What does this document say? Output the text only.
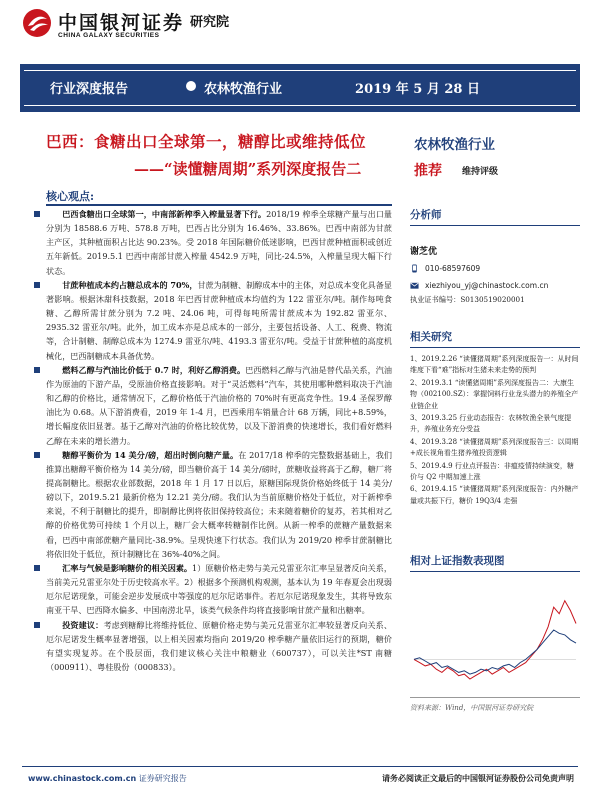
中国银河证券
CHINA GALAXY SECURITIES
研究院
行业深度报告	农林牧渔行业	2019 年 5 月 28 日
巴西：食糖出口全球第一，糖醇比或维持低位
——“读懂糖周期”系列深度报告二
农林牧渔行业
推荐 维持评级
核心观点:
巴西食糖出口全球第一，中南部新榨季入榨量显著下行。2018/19 榨季全球糖产量与出口量分别为 18588.6 万吨、578.8 万吨，巴西占比分别为 16.46%、33.86%。巴西中南部为甘蔗主产区，其种植面积占比达 90.23%。受 2018 年国际糖价低迷影响，巴西甘蔗种植面积或创近五年新低。2019.5.1 巴西中南部甘蔗入榨量 4542.9 万吨，同比-24.5%，入榨量呈现大幅下行状态。
甘蔗种植成本约占糖总成本的 70%，甘蔗为制糖、制醇成本中的主体，对总成本变化具备显著影响。根据沐甜科技数据，2018 年巴西甘蔗种植成本均值约为 122 雷亚尔/吨。制作每吨食糖、乙醇所需甘蔗分别为 7.2 吨、24.06 吨，可得每吨所需甘蔗成本为 192.82 雷亚尔、2935.32 雷亚尔/吨。此外，加工成本亦是总成本的一部分，主要包括设备、人工、税费、物流等，合计制糖、制醇总成本为 1274.9 雷亚尔/吨、4193.3 雷亚尔/吨。受益于甘蔗种植的高度机械化，巴西制糖成本具备优势。
燃料乙醇与汽油比价低于 0.7 时，利好乙醇消费。巴西燃料乙醇与汽油是替代品关系，汽油作为原油的下游产品，受原油价格直接影响。对于“灵活燃料”汽车，其使用哪种燃料取决于汽油和乙醇的价格比，通常情况下，乙醇价格低于汽油价格的 70%时有更高竞争性。19.4 圣保罗醇油比为 0.68。从下游消费看，2019 年 1-4 月，巴西乘用车销量合计 68 万辆，同比+8.59%，增长幅度依旧显著。基于乙醇对汽油的价格比较优势，以及下游消费的快速增长，我们看好燃料乙醇在未来的增长潜力。
糖醇平衡价为 14 美分/磅，超出时倒向糖产量。在 2017/18 榨季的完整数据基础上，我们推算出糖醇平衡价格为 14 美分/磅，即当糖价高于 14 美分/磅时，蔗糖收益将高于乙醇，糖厂将提高制糖比。根据农业部数据，2018 年 1 月 17 日以后，原糖国际现货价格始终低于 14 美分/磅以下，2019.5.21 最新价格为 12.21 美分/磅。我们认为当前原糖价格处于低位，对于新榨季来说，不利于制糖比的提升，即制醇比例将依旧保持较高位；未来随着糖价的复苏，若其相对乙醇的价格优势可持续 1 个月以上，糖厂会大概率转糖制作比例。从新一榨季的蔗糖产量数据来看，巴西中南部蔗糖产量同比-38.9%。呈现快速下行状态。我们认为 2019/20 榨季甘蔗制糖比将依旧处于低位，预计制糖比在 36%-40%之间。
汇率与气候是影响糖价的相关因素。1）原糖价格走势与美元兑雷亚尔汇率呈显著反向关系，当前美元兑雷亚尔处于历史较高水平。2）根据多个预测机构观测，基本认为 19 年春夏会出现弱厄尔尼诺现象，可能会逆步发展成中等强度的厄尔尼诺事件。若厄尔尼诺现象发生，其将导致东南亚干旱、巴西降水偏多、中国南涝北旱，该类气候条件均将直接影响甘蔗产量和出糖率。
投资建议：考虑到糖醇比将维持低位、原糖价格走势与美元兑雷亚尔汇率较显著反向关系、厄尔尼诺发生概率显著增强，以上相关因素均指向 2019/20 榨季糖产量依旧运行的预期，糖价有望实现复苏。在个股层面，我们建议核心关注中粮糖业（600737），可以关注*ST 南糖（000911）、粤桂股份（000833）。
分析师
谢芝优
010-68597609
xiezhiyou_yj@chinastock.com.cn
执业证书编号：S0130519020001
相关研究
1、2019.2.26 “读懂猪周期”系列深度报告一：从时间维度下看“难”指标对生猪未来走势的预判
2、2019.3.1 “读懂猪周期”系列深度报告二：大康生物（002100.SZ）：掌握饲料行业龙头潜力的养殖全产业链企业
3、2019.3.25 行业动态报告：农林牧渔全景气度提升，养殖业务充分受益
4、2019.3.28 “读懂猪周期”系列深度报告三：以周期+成长视角看生猪养殖投资逻辑
5、2019.4.9 行业点评报告：非瘟疫情持续演变，糖价与 Q2 中期加速上涨
6、2019.4.15 “读懂猪周期”系列深度报告：内外糖产量或共振下行，糖价 19Q3/4 走强
相对上证指数表现图
资料来源：Wind，中国银河证券研究院
www.chinastock.com.cn 证券研究报告	请务必阅读正文最后的中国银河证券股份公司免责声明
